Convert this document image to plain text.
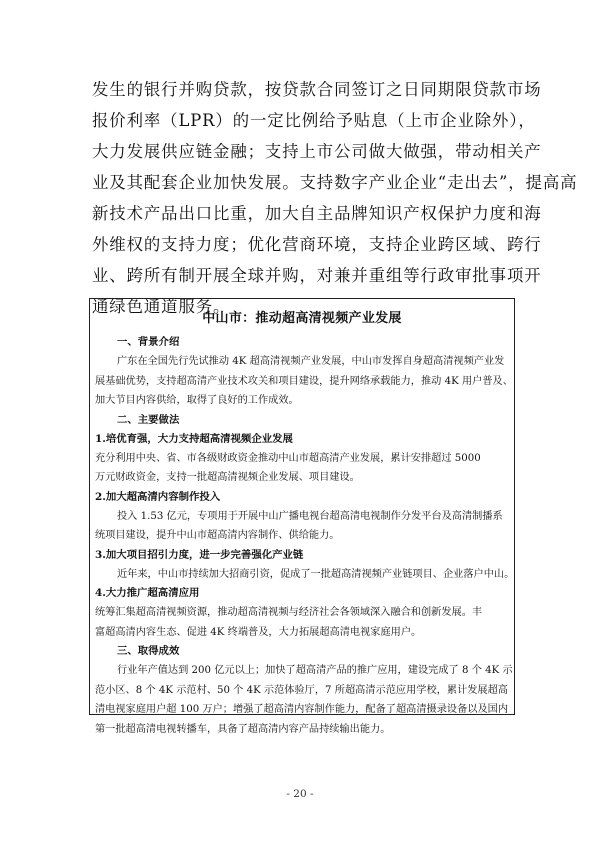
发生的银行并购贷款，按贷款合同签订之日同期限贷款市场
报价利率（LPR）的一定比例给予贴息（上市企业除外），
大力发展供应链金融；支持上市公司做大做强，带动相关产
业及其配套企业加快发展。支持数字产业企业“走出去”，提高高
新技术产品出口比重，加大自主品牌知识产权保护力度和海
外维权的支持力度；优化营商环境，支持企业跨区域、跨行
业、跨所有制开展全球并购，对兼并重组等行政审批事项开
通绿色通道服务。
中山市：推动超高清视频产业发展
一、背景介绍
广东在全国先行先试推动 4K 超高清视频产业发展，中山市发挥自身超高清视频产业发
展基础优势，支持超高清产业技术攻关和项目建设，提升网络承载能力，推动 4K 用户普及、
加大节目内容供给，取得了良好的工作成效。
二、主要做法
1.培优育强，大力支持超高清视频企业发展
充分利用中央、省、市各级财政资金推动中山市超高清产业发展，累计安排超过 5000
万元财政资金，支持一批超高清视频企业发展、项目建设。
2.加大超高清内容制作投入
投入 1.53 亿元，专项用于开展中山广播电视台超高清电视制作分发平台及高清制播系
统项目建设，提升中山市超高清内容制作、供给能力。
3.加大项目招引力度，进一步完善强化产业链
近年来，中山市持续加大招商引资，促成了一批超高清视频产业链项目、企业落户中山。
4.大力推广超高清应用
统筹汇集超高清视频资源，推动超高清视频与经济社会各领域深入融合和创新发展。丰
富超高清内容生态、促进 4K 终端普及，大力拓展超高清电视家庭用户。
三、取得成效
行业年产值达到 200 亿元以上；加快了超高清产品的推广应用，建设完成了 8 个 4K 示
范小区、8 个 4K 示范村、50 个 4K 示范体验厅，7 所超高清示范应用学校，累计发展超高
清电视家庭用户超 100 万户；增强了超高清内容制作能力，配备了超高清摄录设备以及国内
第一批超高清电视转播车，具备了超高清内容产品持续输出能力。
- 20 -
